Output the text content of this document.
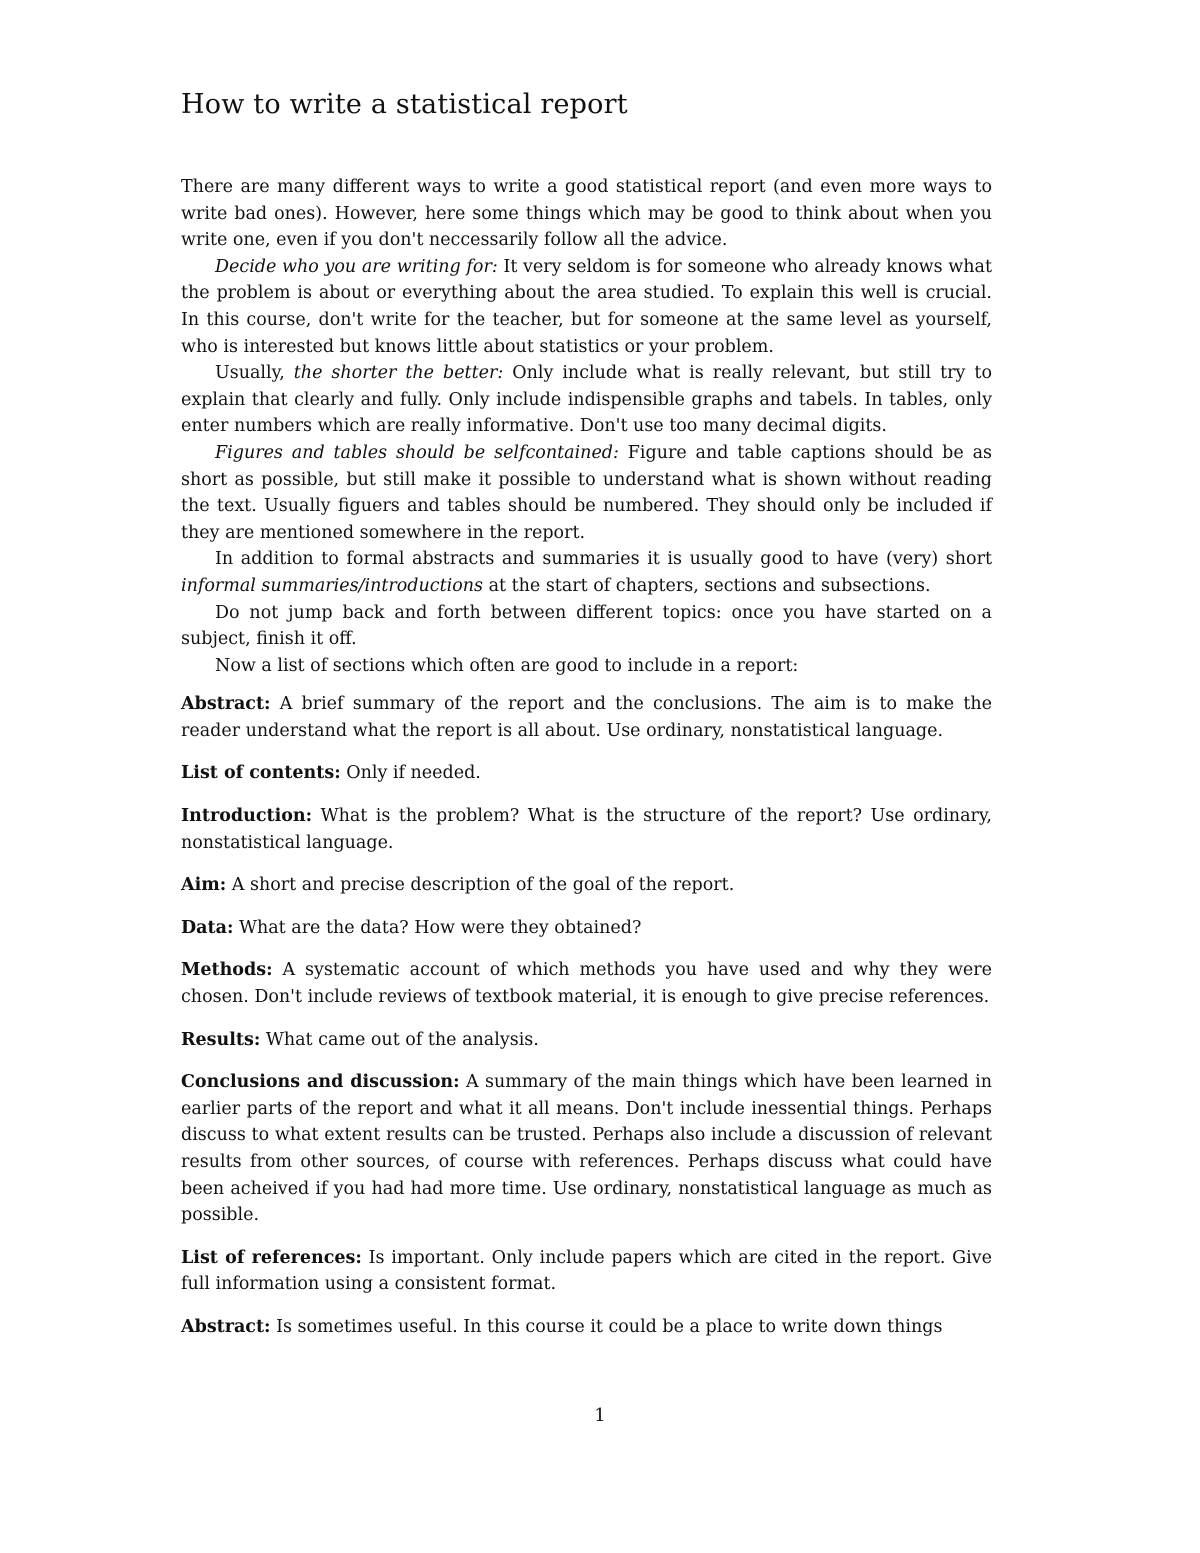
How to write a statistical report

There are many different ways to write a good statistical report (and even more ways to write bad ones). However, here some things which may be good to think about when you write one, even if you don't neccessarily follow all the advice.

Decide who you are writing for: It very seldom is for someone who already knows what the problem is about or everything about the area studied. To explain this well is crucial. In this course, don't write for the teacher, but for someone at the same level as yourself, who is interested but knows little about statistics or your problem.

Usually, the shorter the better: Only include what is really relevant, but still try to explain that clearly and fully. Only include indispensible graphs and tabels. In tables, only enter numbers which are really informative. Don't use too many decimal digits.

Figures and tables should be selfcontained: Figure and table captions should be as short as possible, but still make it possible to understand what is shown without reading the text. Usually figuers and tables should be numbered. They should only be included if they are mentioned somewhere in the report.

In addition to formal abstracts and summaries it is usually good to have (very) short informal summaries/introductions at the start of chapters, sections and subsections.

Do not jump back and forth between different topics: once you have started on a subject, finish it off.

Now a list of sections which often are good to include in a report:

Abstract: A brief summary of the report and the conclusions. The aim is to make the reader understand what the report is all about. Use ordinary, nonstatistical language.

List of contents: Only if needed.

Introduction: What is the problem? What is the structure of the report? Use ordinary, nonstatistical language.

Aim: A short and precise description of the goal of the report.

Data: What are the data? How were they obtained?

Methods: A systematic account of which methods you have used and why they were chosen. Don't include reviews of textbook material, it is enough to give precise references.

Results: What came out of the analysis.

Conclusions and discussion: A summary of the main things which have been learned in earlier parts of the report and what it all means. Don't include inessential things. Perhaps discuss to what extent results can be trusted. Perhaps also include a discussion of relevant results from other sources, of course with references. Perhaps discuss what could have been acheived if you had had more time. Use ordinary, nonstatistical language as much as possible.

List of references: Is important. Only include papers which are cited in the report. Give full information using a consistent format.

Abstract: Is sometimes useful. In this course it could be a place to write down things

1
